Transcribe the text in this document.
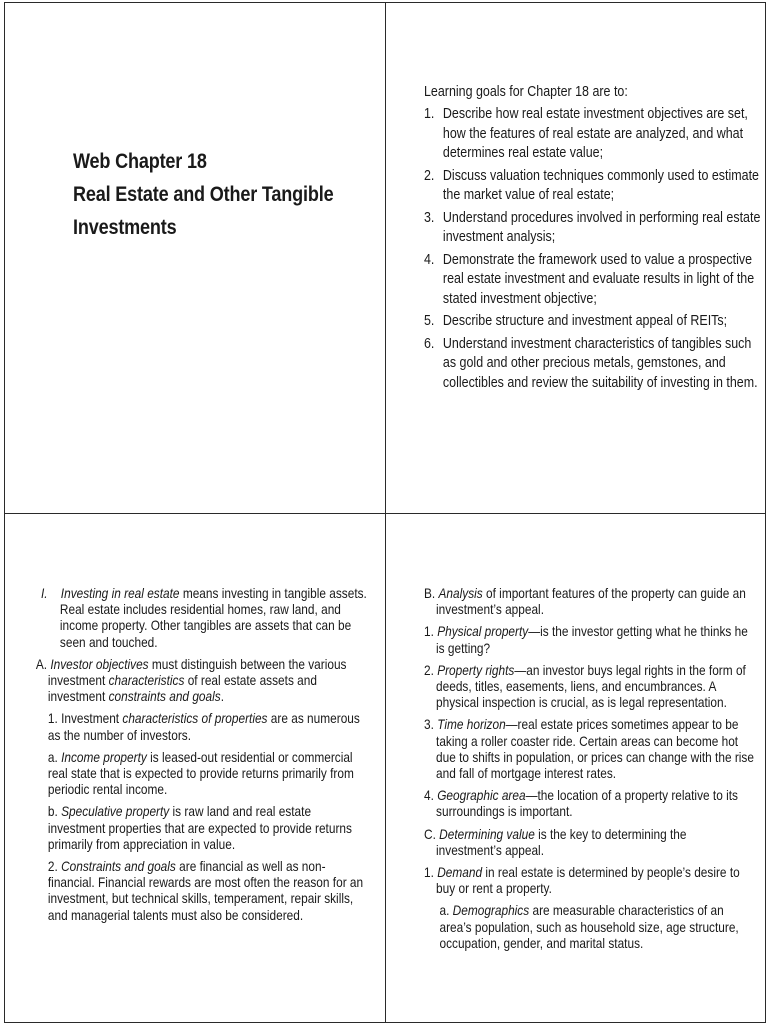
Web Chapter 18
Real Estate and Other Tangible
Investments
Learning goals for Chapter 18 are to:
1. Describe how real estate investment objectives are set, how the features of real estate are analyzed, and what determines real estate value;
2. Discuss valuation techniques commonly used to estimate the market value of real estate;
3. Understand procedures involved in performing real estate investment analysis;
4. Demonstrate the framework used to value a prospective real estate investment and evaluate results in light of the stated investment objective;
5. Describe structure and investment appeal of REITs;
6. Understand investment characteristics of tangibles such as gold and other precious metals, gemstones, and collectibles and review the suitability of investing in them.

I. Investing in real estate means investing in tangible assets. Real estate includes residential homes, raw land, and income property. Other tangibles are assets that can be seen and touched.

A. Investor objectives must distinguish between the various investment characteristics of real estate assets and investment constraints and goals.

1. Investment characteristics of properties are as numerous as the number of investors.

a. Income property is leased-out residential or commercial real state that is expected to provide returns primarily from periodic rental income.

b. Speculative property is raw land and real estate investment properties that are expected to provide returns primarily from appreciation in value.

2. Constraints and goals are financial as well as non-financial. Financial rewards are most often the reason for an investment, but technical skills, temperament, repair skills, and managerial talents must also be considered.

B. Analysis of important features of the property can guide an investment’s appeal.

1. Physical property—is the investor getting what he thinks he is getting?

2. Property rights—an investor buys legal rights in the form of deeds, titles, easements, liens, and encumbrances. A physical inspection is crucial, as is legal representation.

3. Time horizon—real estate prices sometimes appear to be taking a roller coaster ride. Certain areas can become hot due to shifts in population, or prices can change with the rise and fall of mortgage interest rates.

4. Geographic area—the location of a property relative to its surroundings is important.

C. Determining value is the key to determining the investment’s appeal.

1. Demand in real estate is determined by people’s desire to buy or rent a property.

a. Demographics are measurable characteristics of an area’s population, such as household size, age structure, occupation, gender, and marital status.
